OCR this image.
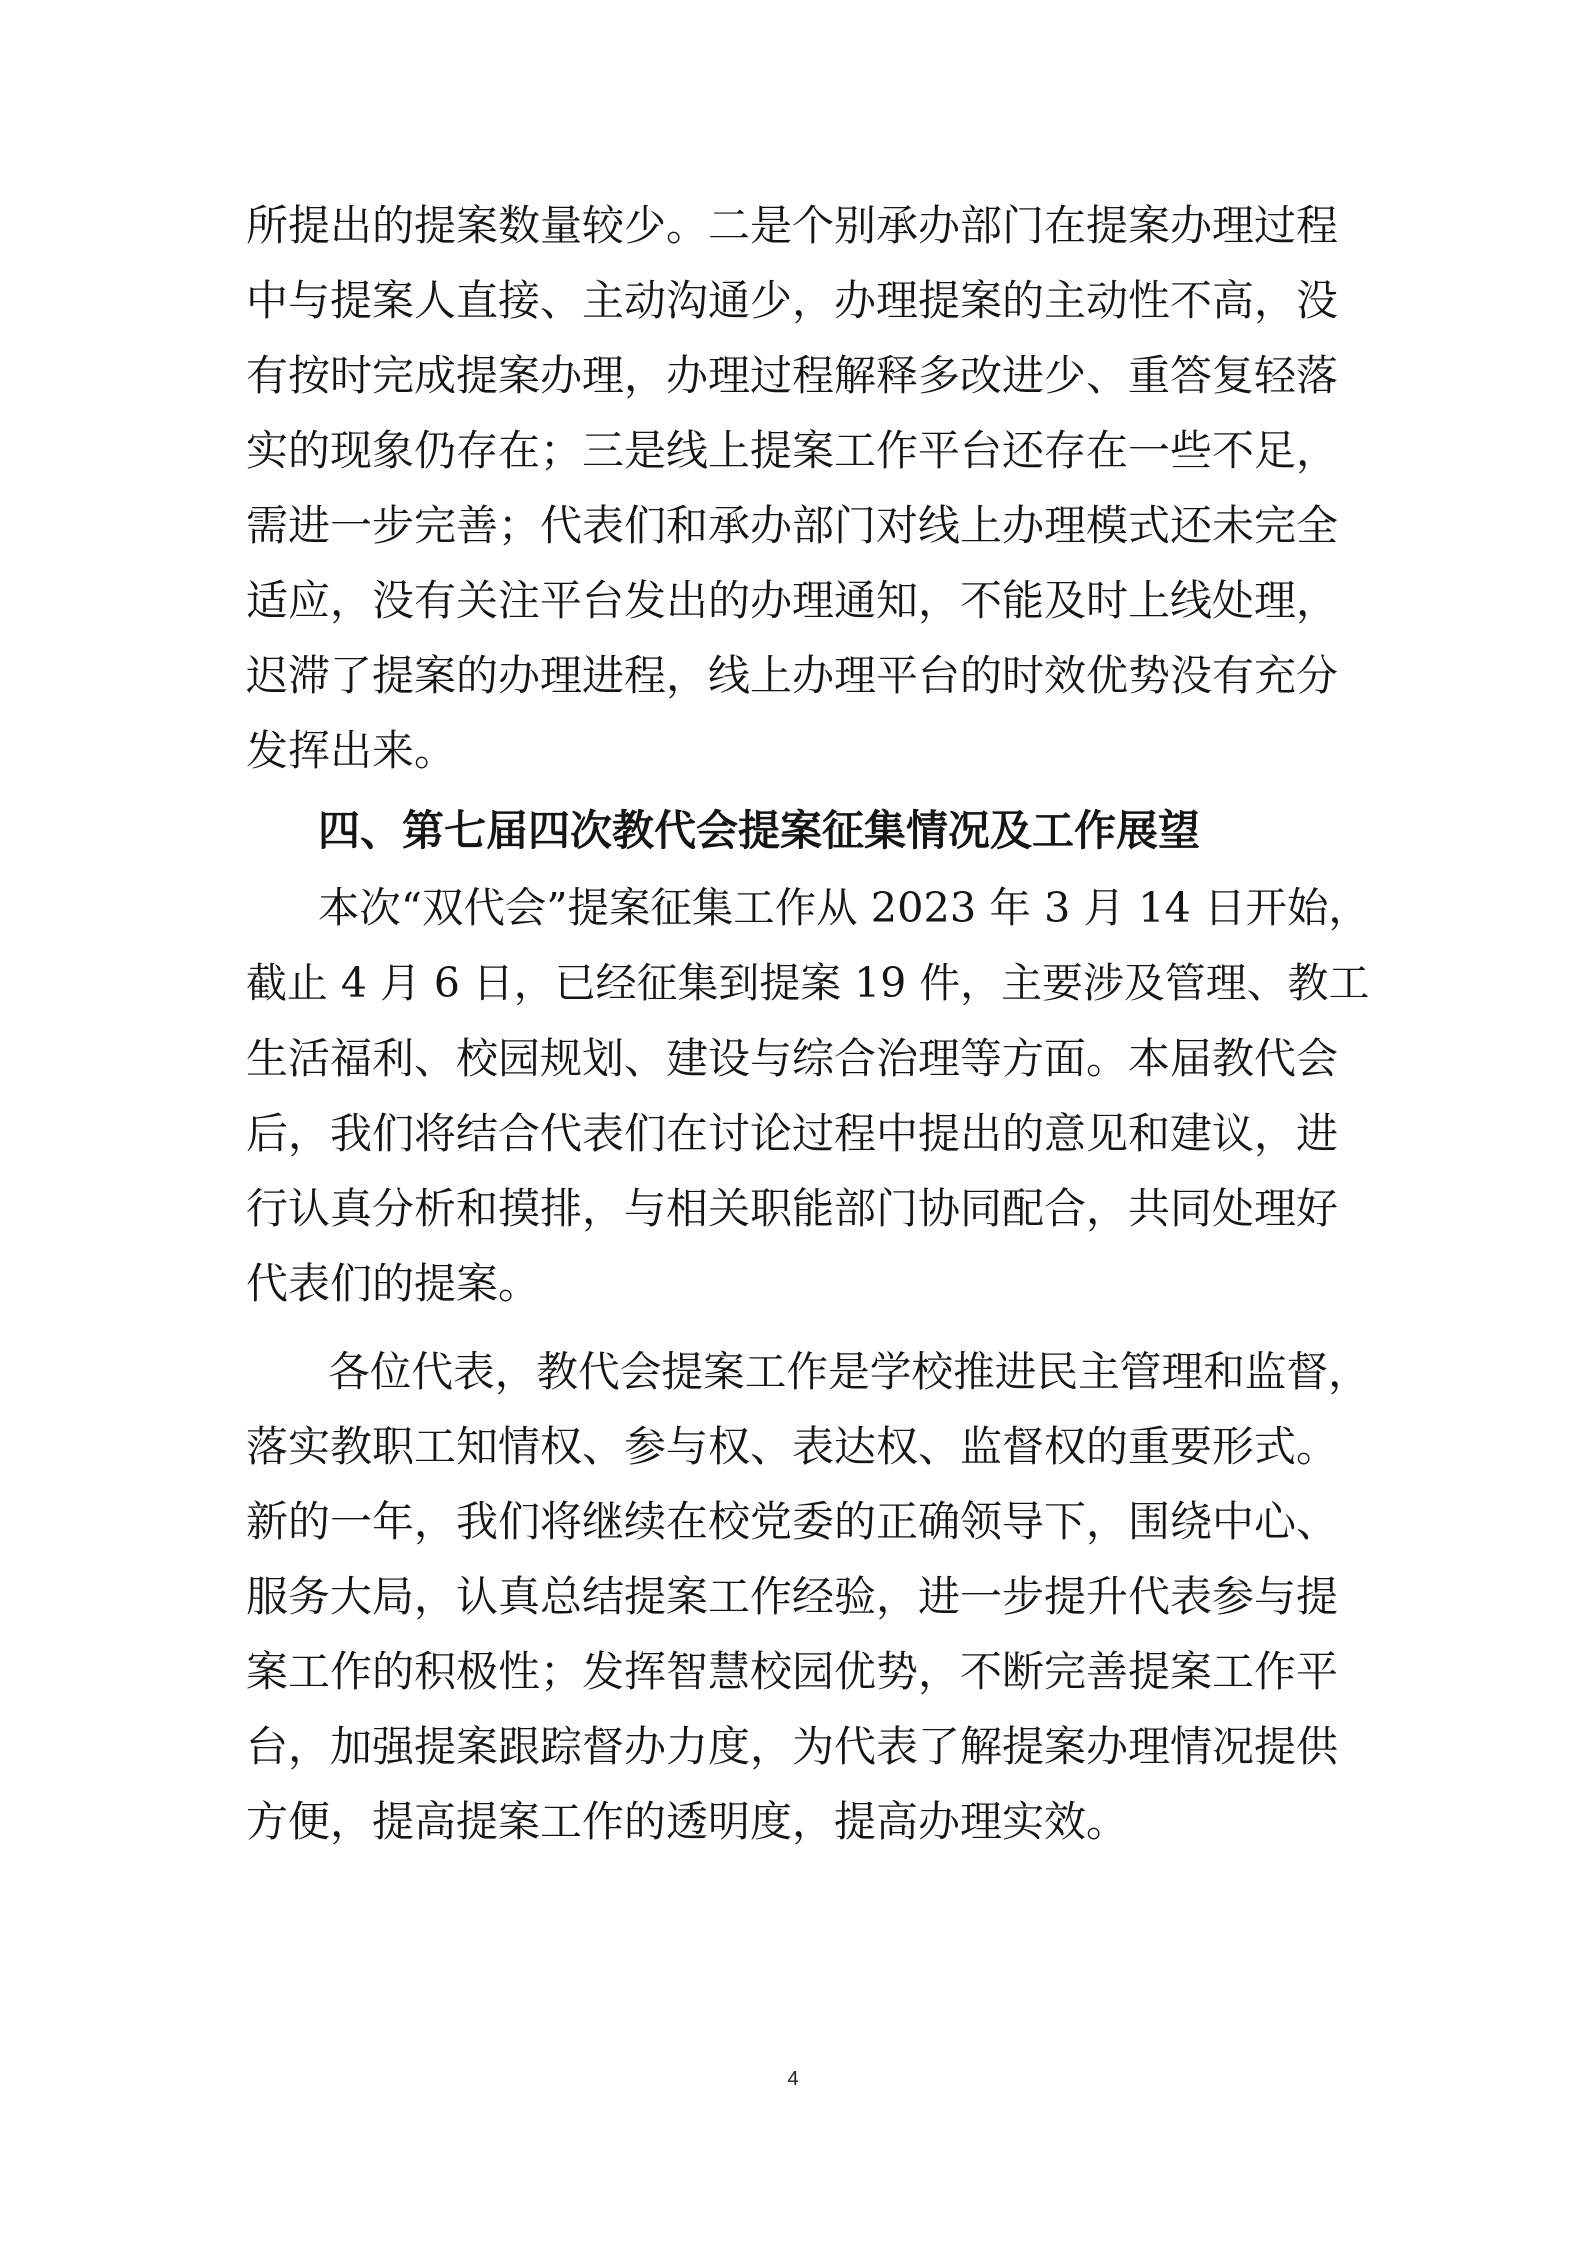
所提出的提案数量较少。二是个别承办部门在提案办理过程
中与提案人直接、主动沟通少，办理提案的主动性不高，没
有按时完成提案办理，办理过程解释多改进少、重答复轻落
实的现象仍存在；三是线上提案工作平台还存在一些不足，
需进一步完善；代表们和承办部门对线上办理模式还未完全
适应，没有关注平台发出的办理通知，不能及时上线处理，
迟滞了提案的办理进程，线上办理平台的时效优势没有充分
发挥出来。
四、第七届四次教代会提案征集情况及工作展望
本次“双代会”提案征集工作从 2023 年 3 月 14 日开始，
截止 4 月 6 日，已经征集到提案 19 件，主要涉及管理、教工
生活福利、校园规划、建设与综合治理等方面。本届教代会
后，我们将结合代表们在讨论过程中提出的意见和建议，进
行认真分析和摸排，与相关职能部门协同配合，共同处理好
代表们的提案。
各位代表，教代会提案工作是学校推进民主管理和监督，
落实教职工知情权、参与权、表达权、监督权的重要形式。
新的一年，我们将继续在校党委的正确领导下，围绕中心、
服务大局，认真总结提案工作经验，进一步提升代表参与提
案工作的积极性；发挥智慧校园优势，不断完善提案工作平
台，加强提案跟踪督办力度，为代表了解提案办理情况提供
方便，提高提案工作的透明度，提高办理实效。
4
